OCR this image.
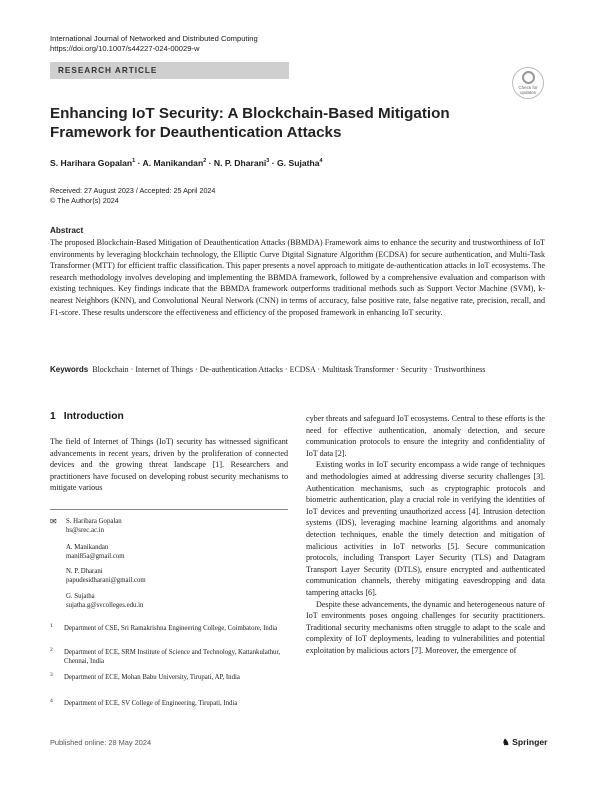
International Journal of Networked and Distributed Computing
https://doi.org/10.1007/s44227-024-00029-w
RESEARCH ARTICLE
Check for
updates
Enhancing IoT Security: A Blockchain-Based Mitigation Framework for Deauthentication Attacks
S. Harihara Gopalan$^1$ · A. Manikandan$^2$ · N. P. Dharani$^3$ · G. Sujatha$^4$
Received: 27 August 2023 / Accepted: 25 April 2024
© The Author(s) 2024
Abstract
The proposed Blockchain-Based Mitigation of Deauthentication Attacks (BBMDA) Framework aims to enhance the security and trustworthiness of IoT environments by leveraging blockchain technology, the Elliptic Curve Digital Signature Algorithm (ECDSA) for secure authentication, and Multi-Task Transformer (MTT) for efficient traffic classification. This paper presents a novel approach to mitigate de-authentication attacks in IoT ecosystems. The research methodology involves developing and implementing the BBMDA framework, followed by a comprehensive evaluation and comparison with existing techniques. Key findings indicate that the BBMDA framework outperforms traditional methods such as Support Vector Machine (SVM), k-nearest Neighbors (KNN), and Convolutional Neural Network (CNN) in terms of accuracy, false positive rate, false negative rate, precision, recall, and F1-score. These results underscore the effectiveness and efficiency of the proposed framework in enhancing IoT security.
Keywords Blockchain · Internet of Things · De-authentication Attacks · ECDSA · Multitask Transformer · Security · Trustworthiness
1 Introduction
The field of Internet of Things (IoT) security has witnessed significant advancements in recent years, driven by the proliferation of connected devices and the growing threat landscape [1]. Researchers and practitioners have focused on developing robust security mechanisms to mitigate various

cyber threats and safeguard IoT ecosystems. Central to these efforts is the need for effective authentication, anomaly detection, and secure communication protocols to ensure the integrity and confidentiality of IoT data [2].

Existing works in IoT security encompass a wide range of techniques and methodologies aimed at addressing diverse security challenges [3]. Authentication mechanisms, such as cryptographic protocols and biometric authentication, play a crucial role in verifying the identities of IoT devices and preventing unauthorized access [4]. Intrusion detection systems (IDS), leveraging machine learning algorithms and anomaly detection techniques, enable the timely detection and mitigation of malicious activities in IoT networks [5]. Secure communication protocols, including Transport Layer Security (TLS) and Datagram Transport Layer Security (DTLS), ensure encrypted and authenticated communication channels, thereby mitigating eavesdropping and data tampering attacks [6].

Despite these advancements, the dynamic and heterogeneous nature of IoT environments poses ongoing challenges for security practitioners. Traditional security mechanisms often struggle to adapt to the scale and complexity of IoT deployments, leading to vulnerabilities and potential exploitation by malicious actors [7]. Moreover, the emergence of

✉ S. Haribara Gopalan
hs@srec.ac.in
A. Manikandan
mani85a@gmail.com
N. P. Dharani
papudesidharani@gmail.com
G. Sujatha
sujatha.g@svcolleges.edu.in
1 Department of CSE, Sri Ramakrishna Engineering College, Coimbatore, India
2 Department of ECE, SRM Institute of Science and Technology, Kattankulathur, Chennai, India
3 Department of ECE, Mohan Babu University, Tirupati, AP, India
4 Department of ECE, SV College of Engineering, Tirupati, India
Published online: 28 May 2024	♞ Springer
